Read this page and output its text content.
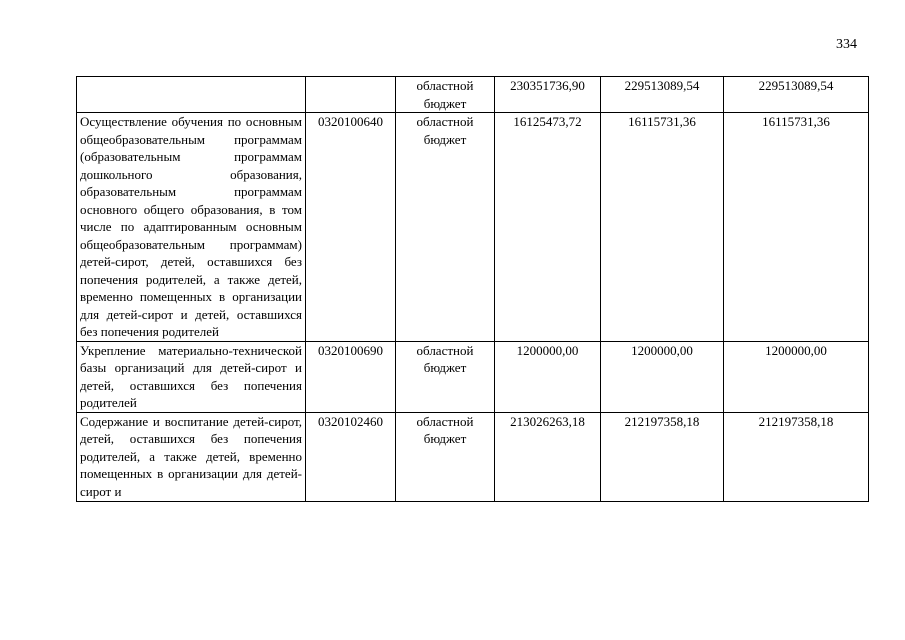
334
		областной бюджет	230351736,90	229513089,54	229513089,54
Осуществление обучения по основным общеобразовательным программам (образовательным программам дошкольного образования, образовательным программам основного общего образования, в том числе по адаптированным основным общеобразовательным программам) детей-сирот, детей, оставшихся без попечения родителей, а также детей, временно помещенных в организации для детей-сирот и детей, оставшихся без попечения родителей	0320100640	областной бюджет	16125473,72	16115731,36	16115731,36
Укрепление материально-технической базы организаций для детей-сирот и детей, оставшихся без попечения родителей	0320100690	областной бюджет	1200000,00	1200000,00	1200000,00
Содержание и воспитание детей-сирот, детей, оставшихся без попечения родителей, а также детей, временно помещенных в организации для детей-сирот и	0320102460	областной бюджет	213026263,18	212197358,18	212197358,18
